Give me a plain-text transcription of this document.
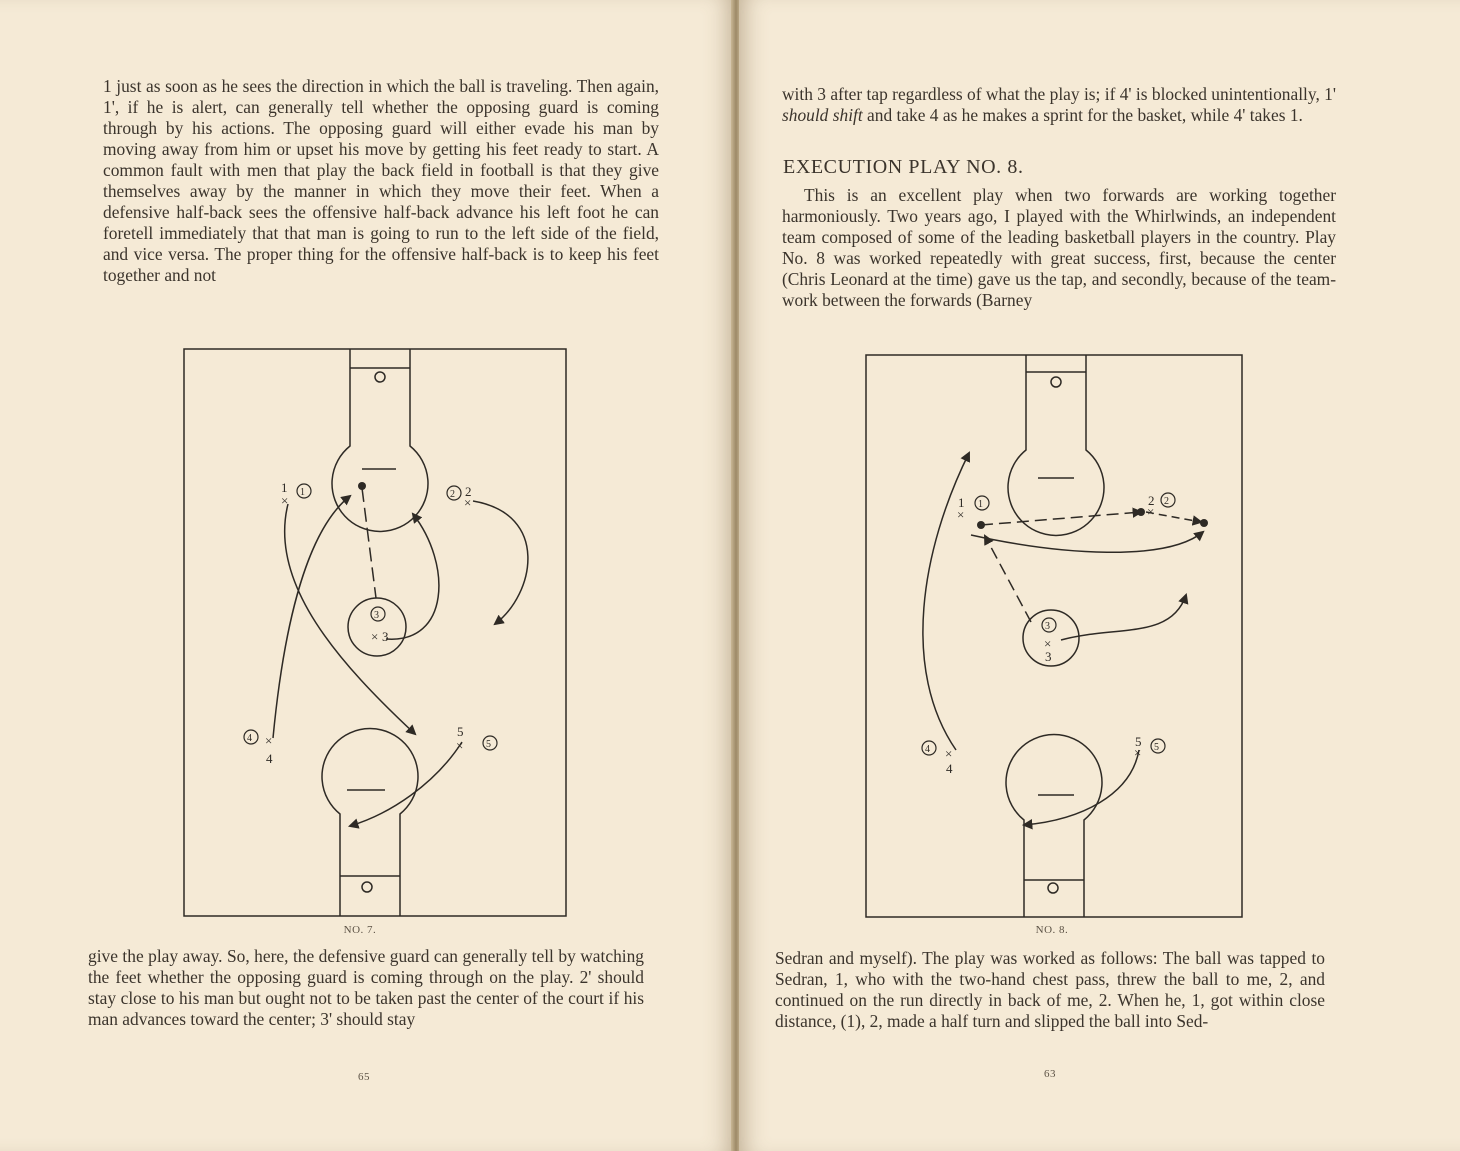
1 just as soon as he sees the direction in which the ball is traveling. Then again, 1', if he is alert, can generally tell whether the opposing guard is coming through by his actions. The opposing guard will either evade his man by moving away from him or upset his move by getting his feet ready to start. A common fault with men that play the back field in football is that they give themselves away by the manner in which they move their feet. When a defensive half-back sees the offensive half-back advance his left foot he can foretell immediately that that man is going to run to the left side of the field, and vice versa. The proper thing for the offensive half-back is to keep his feet together and not

1
×
1	2 2
×
3
× 3
4 ×
4
5
× 5
NO. 7.

give the play away. So, here, the defensive guard can generally tell by watching the feet whether the opposing guard is coming through on the play. 2' should stay close to his man but ought not to be taken past the center of the court if his man advances toward the center; 3' should stay

65

with 3 after tap regardless of what the play is; if 4' is blocked unintentionally, 1' should shift and take 4 as he makes a sprint for the basket, while 4' takes 1.

EXECUTION PLAY NO. 8.

This is an excellent play when two forwards are working together harmoniously. Two years ago, I played with the Whirlwinds, an independent team composed of some of the leading basketball players in the country. Play No. 8 was worked repeatedly with great success, first, because the center (Chris Leonard at the time) gave us the tap, and secondly, because of the team-work between the forwards (Barney

1
×
1	2
×
2
3
×
3
4 ×
4
5
× 5
NO. 8.

Sedran and myself). The play was worked as follows: The ball was tapped to Sedran, 1, who with the two-hand chest pass, threw the ball to me, 2, and continued on the run directly in back of me, 2. When he, 1, got within close distance, (1), 2, made a half turn and slipped the ball into Sed-

63
